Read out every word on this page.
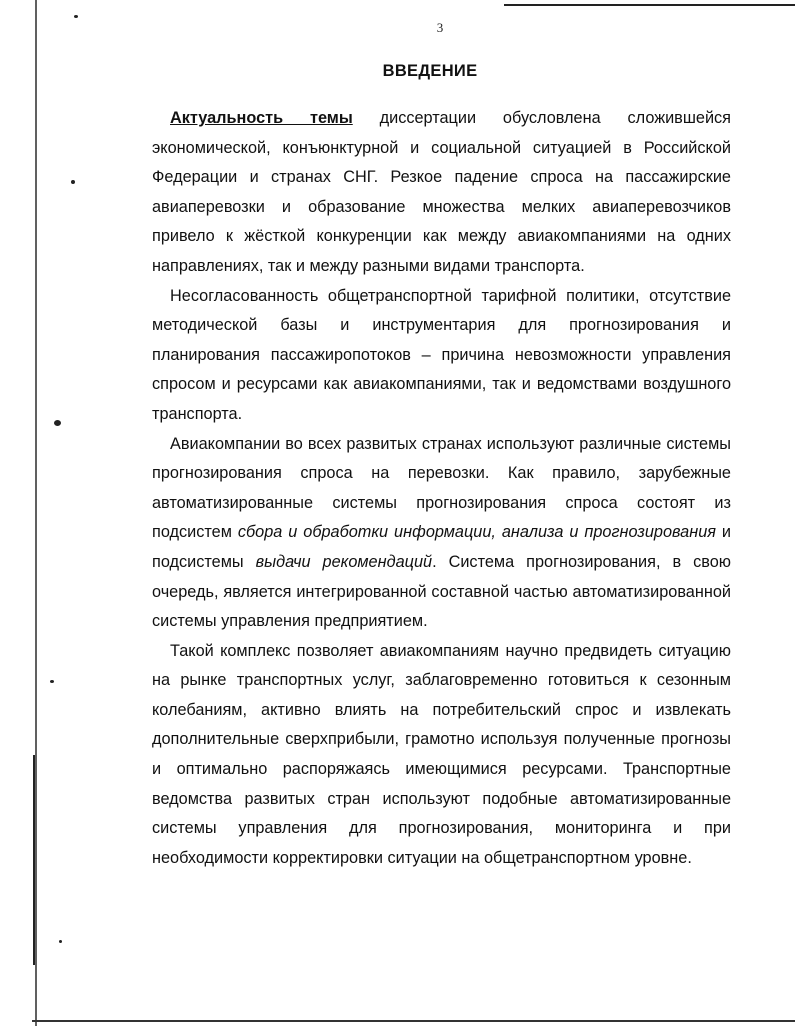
3
ВВЕДЕНИЕ

Актуальность темы диссертации обусловлена сложившейся экономической, конъюнктурной и социальной ситуацией в Российской Федерации и странах СНГ. Резкое падение спроса на пассажирские авиаперевозки и образование множества мелких авиаперевозчиков привело к жёсткой конкуренции как между авиакомпаниями на одних направлениях, так и между разными видами транспорта.

Несогласованность общетранспортной тарифной политики, отсутствие методической базы и инструментария для прогнозирования и планирования пассажиропотоков – причина невозможности управления спросом и ресурсами как авиакомпаниями, так и ведомствами воздушного транспорта.

Авиакомпании во всех развитых странах используют различные системы прогнозирования спроса на перевозки. Как правило, зарубежные автоматизированные системы прогнозирования спроса состоят из подсистем сбора и обработки информации, анализа и прогнозирования и подсистемы выдачи рекомендаций. Система прогнозирования, в свою очередь, является интегрированной составной частью автоматизированной системы управления предприятием.

Такой комплекс позволяет авиакомпаниям научно предвидеть ситуацию на рынке транспортных услуг, заблаговременно готовиться к сезонным колебаниям, активно влиять на потребительский спрос и извлекать дополнительные сверхприбыли, грамотно используя полученные прогнозы и оптимально распоряжаясь имеющимися ресурсами. Транспортные ведомства развитых стран используют подобные автоматизированные системы управления для прогнозирования, мониторинга и при необходимости корректировки ситуации на общетранспортном уровне.
